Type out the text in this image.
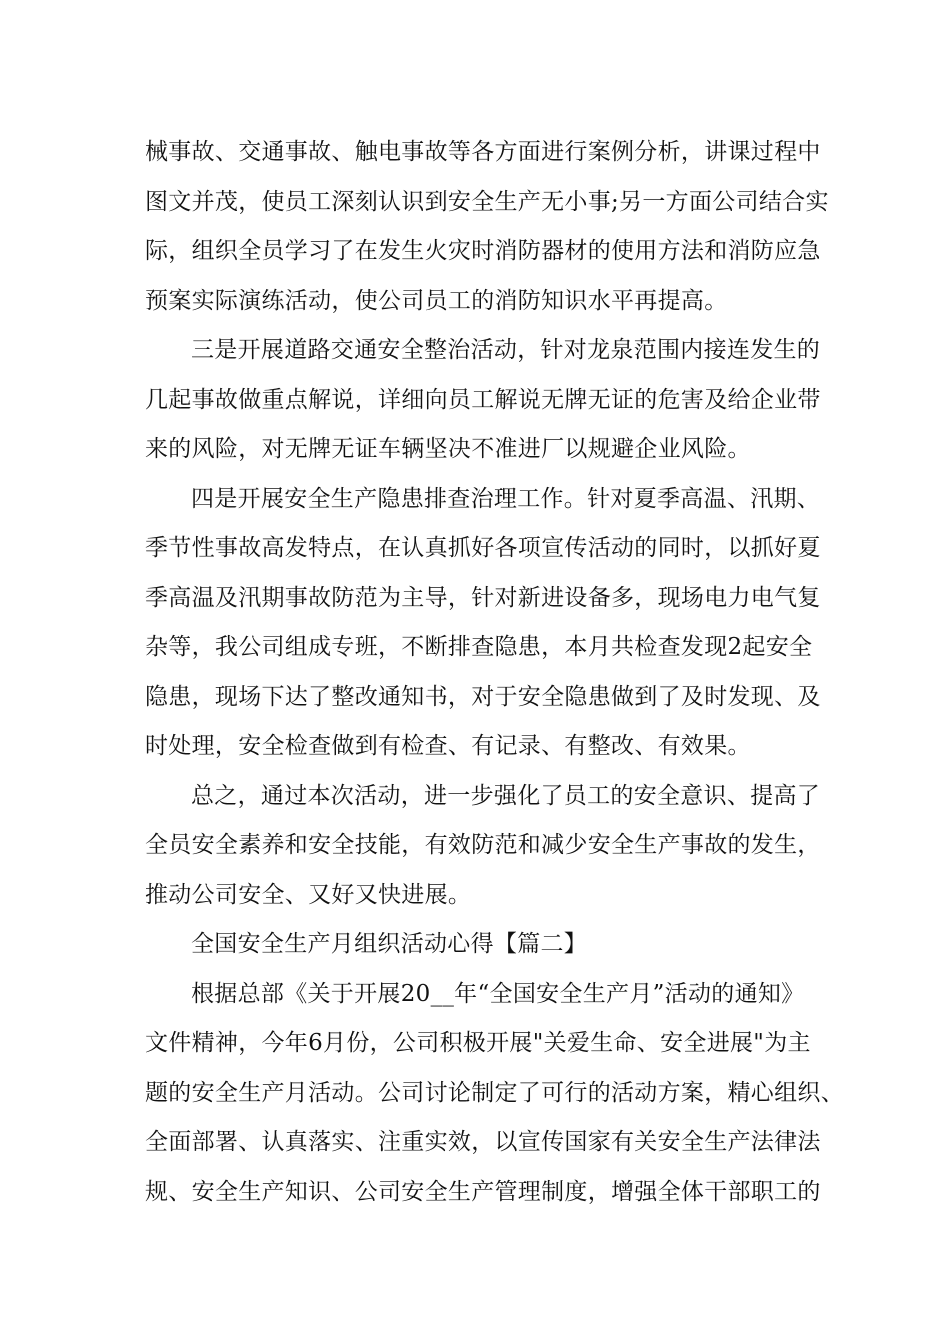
械事故、交通事故、触电事故等各方面进行案例分析，讲课过程中
图文并茂，使员工深刻认识到安全生产无小事;另一方面公司结合实
际，组织全员学习了在发生火灾时消防器材的使用方法和消防应急
预案实际演练活动，使公司员工的消防知识水平再提高。
三是开展道路交通安全整治活动，针对龙泉范围内接连发生的
几起事故做重点解说，详细向员工解说无牌无证的危害及给企业带
来的风险，对无牌无证车辆坚决不准进厂以规避企业风险。
四是开展安全生产隐患排查治理工作。针对夏季高温、汛期、
季节性事故高发特点，在认真抓好各项宣传活动的同时，以抓好夏
季高温及汛期事故防范为主导，针对新进设备多，现场电力电气复
杂等，我公司组成专班，不断排查隐患，本月共检查发现2起安全
隐患，现场下达了整改通知书，对于安全隐患做到了及时发现、及
时处理，安全检查做到有检查、有记录、有整改、有效果。
总之，通过本次活动，进一步强化了员工的安全意识、提高了
全员安全素养和安全技能，有效防范和减少安全生产事故的发生，
推动公司安全、又好又快进展。
全国安全生产月组织活动心得【篇二】
根据总部《关于开展20__年“全国安全生产月”活动的通知》
文件精神，今年6月份，公司积极开展"关爱生命、安全进展"为主
题的安全生产月活动。公司讨论制定了可行的活动方案，精心组织、
全面部署、认真落实、注重实效，以宣传国家有关安全生产法律法
规、安全生产知识、公司安全生产管理制度，增强全体干部职工的
